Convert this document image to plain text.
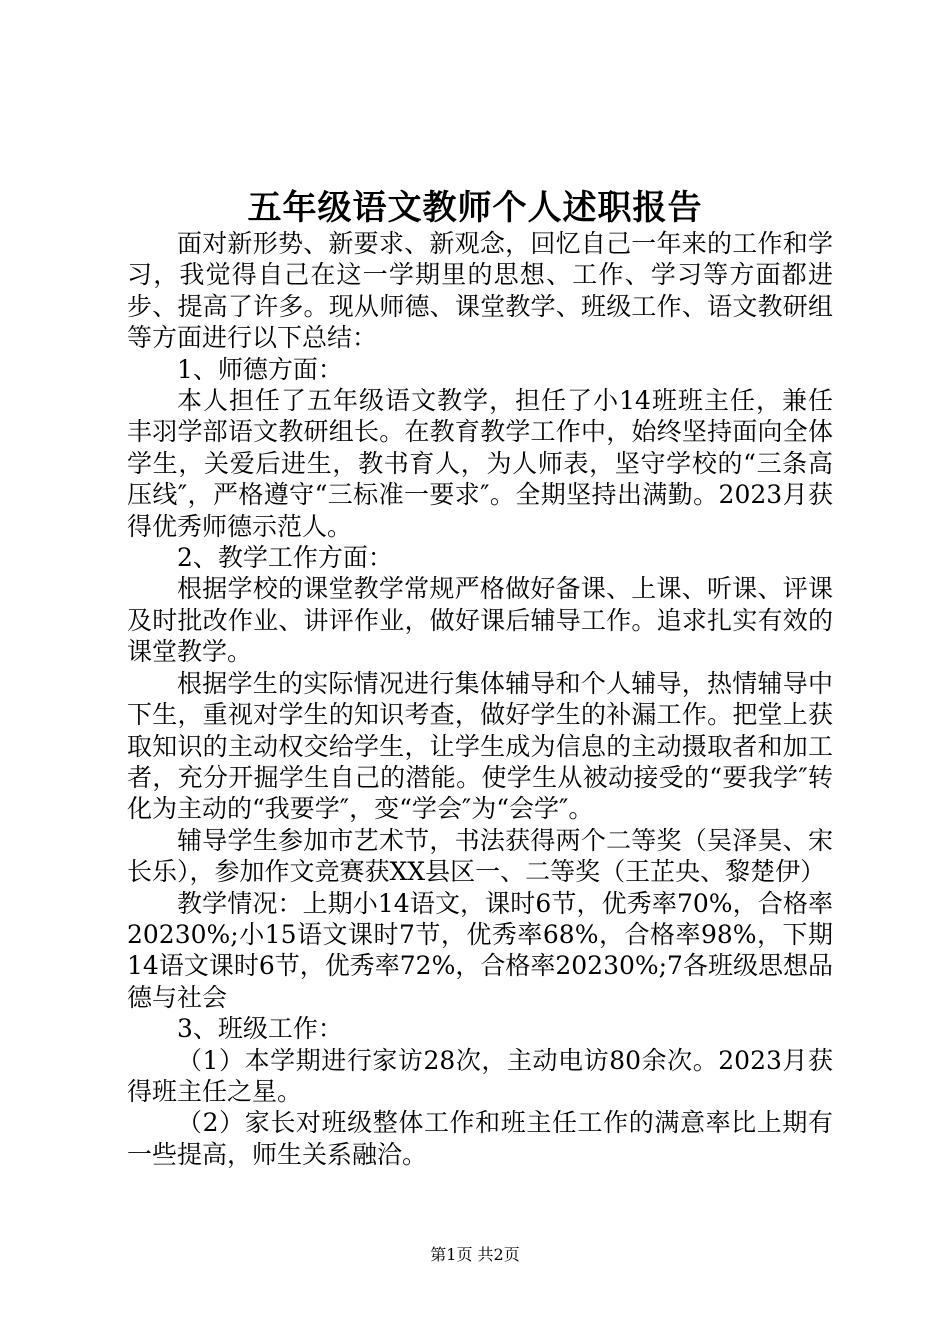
五年级语文教师个人述职报告

面对新形势、新要求、新观念，回忆自己一年来的工作和学习，我觉得自己在这一学期里的思想、工作、学习等方面都进步、提高了许多。现从师德、课堂教学、班级工作、语文教研组等方面进行以下总结：

1、师德方面：

本人担任了五年级语文教学，担任了小14班班主任，兼任丰羽学部语文教研组长。在教育教学工作中，始终坚持面向全体学生，关爱后进生，教书育人，为人师表，坚守学校的“三条高压线″，严格遵守“三标准一要求″。全期坚持出满勤。2023月获得优秀师德示范人。

2、教学工作方面：

根据学校的课堂教学常规严格做好备课、上课、听课、评课及时批改作业、讲评作业，做好课后辅导工作。追求扎实有效的课堂教学。

根据学生的实际情况进行集体辅导和个人辅导，热情辅导中下生，重视对学生的知识考查，做好学生的补漏工作。把堂上获取知识的主动权交给学生，让学生成为信息的主动摄取者和加工者，充分开掘学生自己的潜能。使学生从被动接受的“要我学″转化为主动的“我要学″，变“学会″为“会学″。

辅导学生参加市艺术节，书法获得两个二等奖（吴泽昊、宋长乐），参加作文竞赛获XX县区一、二等奖（王芷央、黎楚伊）

教学情况：上期小14语文，课时6节，优秀率70%，合格率20230%;小15语文课时7节，优秀率68%，合格率98%，下期14语文课时6节，优秀率72%，合格率20230%;7各班级思想品德与社会

3、班级工作：

（1）本学期进行家访28次，主动电访80余次。2023月获得班主任之星。

（2）家长对班级整体工作和班主任工作的满意率比上期有一些提高，师生关系融洽。

第1页 共2页
